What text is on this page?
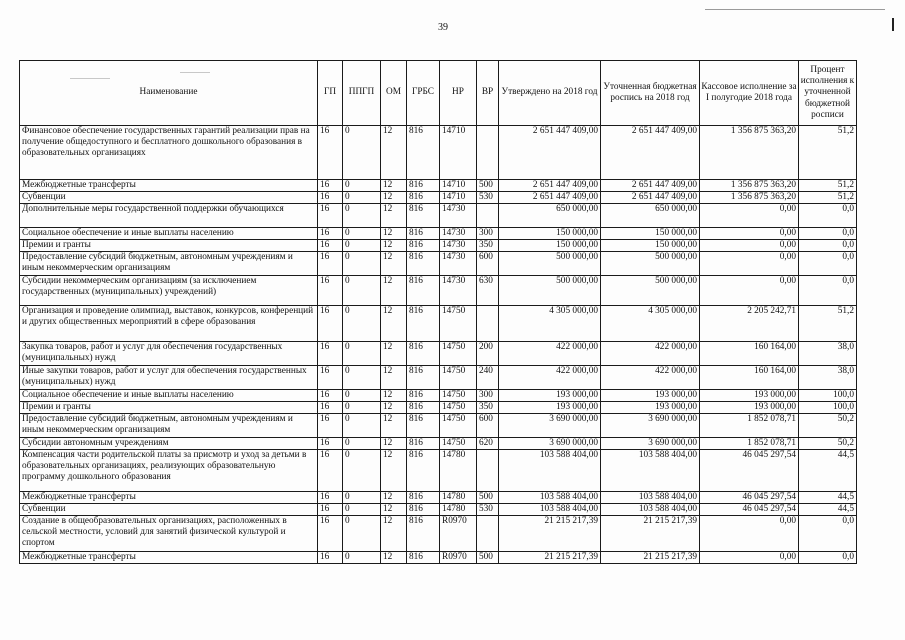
39
Наименование	ГП	ППГП	ОМ	ГРБС	НР	ВР	Утверждено на 2018 год	Уточненная бюджетная роспись на 2018 год	Кассовое исполнение за I полугодие 2018 года	Процент исполнения к уточненной бюджетной росписи
Финансовое обеспечение государственных гарантий реализации прав на получение общедоступного и бесплатного дошкольного образования в образовательных организациях	16	0	12	816	14710		2 651 447 409,00	2 651 447 409,00	1 356 875 363,20	51,2
Межбюджетные трансферты	16	0	12	816	14710	500	2 651 447 409,00	2 651 447 409,00	1 356 875 363,20	51,2
Субвенции	16	0	12	816	14710	530	2 651 447 409,00	2 651 447 409,00	1 356 875 363,20	51,2
Дополнительные меры государственной поддержки обучающихся	16	0	12	816	14730		650 000,00	650 000,00	0,00	0,0
Социальное обеспечение и иные выплаты населению	16	0	12	816	14730	300	150 000,00	150 000,00	0,00	0,0
Премии и гранты	16	0	12	816	14730	350	150 000,00	150 000,00	0,00	0,0
Предоставление субсидий бюджетным, автономным учреждениям и иным некоммерческим организациям	16	0	12	816	14730	600	500 000,00	500 000,00	0,00	0,0
Субсидии некоммерческим организациям (за исключением государственных (муниципальных) учреждений)	16	0	12	816	14730	630	500 000,00	500 000,00	0,00	0,0
Организация и проведение олимпиад, выставок, конкурсов, конференций и других общественных мероприятий в сфере образования	16	0	12	816	14750		4 305 000,00	4 305 000,00	2 205 242,71	51,2
Закупка товаров, работ и услуг для обеспечения государственных (муниципальных) нужд	16	0	12	816	14750	200	422 000,00	422 000,00	160 164,00	38,0
Иные закупки товаров, работ и услуг для обеспечения государственных (муниципальных) нужд	16	0	12	816	14750	240	422 000,00	422 000,00	160 164,00	38,0
Социальное обеспечение и иные выплаты населению	16	0	12	816	14750	300	193 000,00	193 000,00	193 000,00	100,0
Премии и гранты	16	0	12	816	14750	350	193 000,00	193 000,00	193 000,00	100,0
Предоставление субсидий бюджетным, автономным учреждениям и иным некоммерческим организациям	16	0	12	816	14750	600	3 690 000,00	3 690 000,00	1 852 078,71	50,2
Субсидии автономным учреждениям	16	0	12	816	14750	620	3 690 000,00	3 690 000,00	1 852 078,71	50,2
Компенсация части родительской платы за присмотр и уход за детьми в образовательных организациях, реализующих образовательную программу дошкольного образования	16	0	12	816	14780		103 588 404,00	103 588 404,00	46 045 297,54	44,5
Межбюджетные трансферты	16	0	12	816	14780	500	103 588 404,00	103 588 404,00	46 045 297,54	44,5
Субвенции	16	0	12	816	14780	530	103 588 404,00	103 588 404,00	46 045 297,54	44,5
Создание в общеобразовательных организациях, расположенных в сельской местности, условий для занятий физической культурой и спортом	16	0	12	816	R0970		21 215 217,39	21 215 217,39	0,00	0,0
Межбюджетные трансферты	16	0	12	816	R0970	500	21 215 217,39	21 215 217,39	0,00	0,0
